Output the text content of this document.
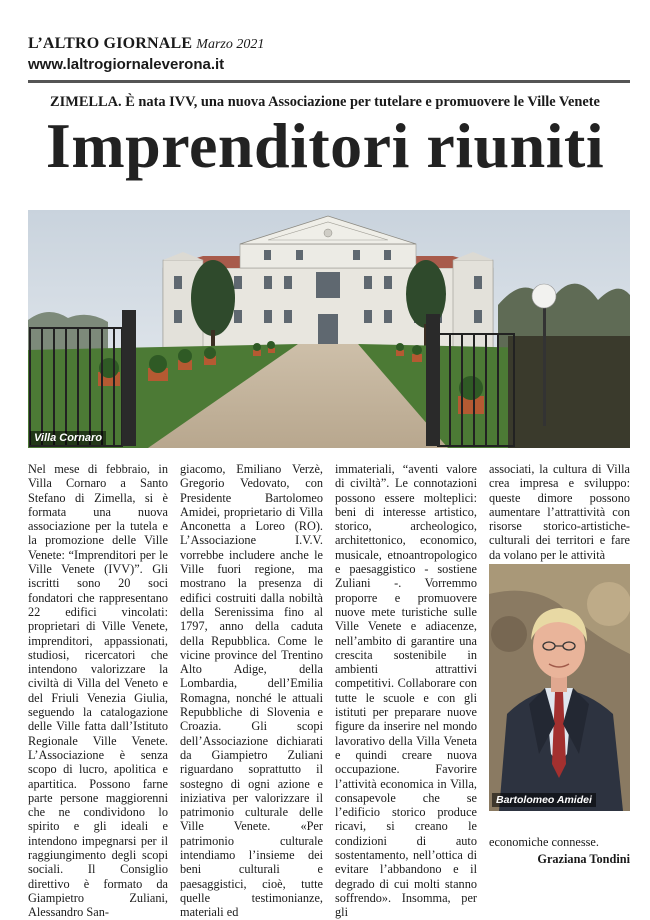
L’ALTRO GIORNALE Marzo 2021
www.laltrogiornaleverona.it
ZIMELLA. È nata IVV, una nuova Associazione per tutelare e promuovere le Ville Venete
Imprenditori riuniti
Villa Cornaro
Nel mese di febbraio, in Villa Cornaro a Santo Stefano di Zimella, si è formata una nuova associazione per la tutela e la promozione delle Ville Venete: “Imprenditori per le Ville Venete (IVV)”. Gli iscritti sono 20 soci fondatori che rappresentano 22 edifici vincolati: proprietari di Ville Venete, imprenditori, appassionati, studiosi, ricercatori che intendono valorizzare la civiltà di Villa del Veneto e del Friuli Venezia Giulia, seguendo la catalogazione delle Ville fatta dall’Istituto Regionale Ville Venete. L’Associazione è senza scopo di lucro, apolitica e apartitica. Possono farne parte persone maggiorenni che ne condividono lo spirito e gli ideali e intendono impegnarsi per il raggiungimento degli scopi sociali. Il Consiglio direttivo è formato da Giampietro Zuliani, Alessandro San-
giacomo, Emiliano Verzè, Gregorio Vedovato, con Presidente Bartolomeo Amidei, proprietario di Villa Anconetta a Loreo (RO). L’Associazione I.V.V. vorrebbe includere anche le Ville fuori regione, ma mostrano la presenza di edifici costruiti dalla nobiltà della Serenissima fino al 1797, anno della caduta della Repubblica. Come le vicine province del Trentino Alto Adige, della Lombardia, dell’Emilia Romagna, nonché le attuali Repubbliche di Slovenia e Croazia. Gli scopi dell’Associazione dichiarati da Giampietro Zuliani riguardano soprattutto il sostegno di ogni azione e iniziativa per valorizzare il patrimonio culturale delle Ville Venete. «Per patrimonio culturale intendiamo l’insieme dei beni culturali e paesaggistici, cioè, tutte quelle testimonianze, materiali ed
immateriali, “aventi valore di civiltà”. Le connotazioni possono essere molteplici: beni di interesse artistico, storico, archeologico, architettonico, economico, musicale, etnoantropologico e paesaggistico - sostiene Zuliani -. Vorremmo proporre e promuovere nuove mete turistiche sulle Ville Venete e adiacenze, nell’ambito di garantire una crescita sostenibile in ambienti attrattivi competitivi. Collaborare con tutte le scuole e con gli istituti per preparare nuove figure da inserire nel mondo lavorativo della Villa Veneta e quindi creare nuova occupazione. Favorire l’attività economica in Villa, consapevole che se l’edificio storico produce ricavi, si creano le condizioni di auto sostentamento, nell’ottica di evitare l’abbandono e il degrado di cui molti stanno soffrendo». Insomma, per gli
associati, la cultura di Villa crea impresa e sviluppo: queste dimore possono aumentare l’attrattività con risorse storico-artistiche-culturali dei territori e fare da volano per le attività
Bartolomeo Amidei
economiche connesse.
Graziana Tondini
